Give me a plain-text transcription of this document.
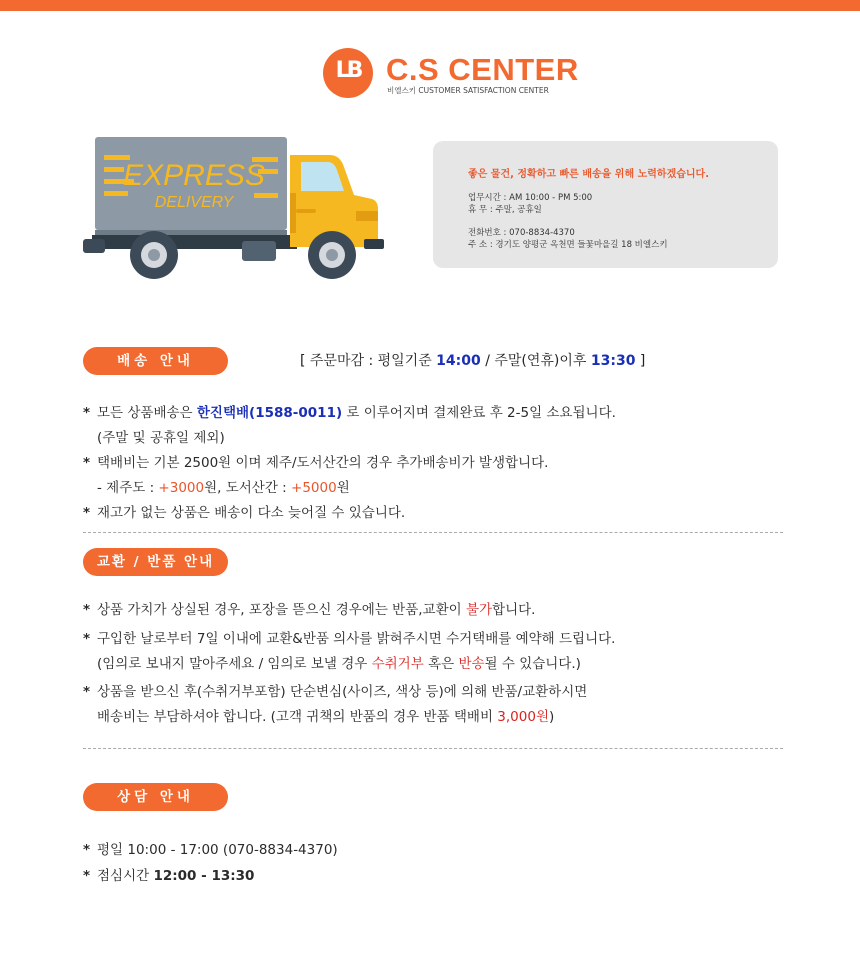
LB C.S CENTER
비엘스키 CUSTOMER SATISFACTION CENTER
EXPRESS
DELIVERY
좋은 물건, 정확하고 빠른 배송을 위해 노력하겠습니다.
업무시간 : AM 10:00 - PM 5:00
휴 무 : 주말, 공휴일
전화번호 : 070-8834-4370
주 소 : 경기도 양평군 옥천면 들꽃마을길 18 비엘스키
배송 안내	[ 주문마감 : 평일기준 14:00 / 주말(연휴)이후 13:30 ]
* 모든 상품배송은 한진택배(1588-0011) 로 이루어지며 결제완료 후 2-5일 소요됩니다.
(주말 및 공휴일 제외)
* 택배비는 기본 2500원 이며 제주/도서산간의 경우 추가배송비가 발생합니다.
- 제주도 : +3000원, 도서산간 : +5000원
* 재고가 없는 상품은 배송이 다소 늦어질 수 있습니다.
교환 / 반품 안내
* 상품 가치가 상실된 경우, 포장을 뜯으신 경우에는 반품,교환이 불가합니다.
* 구입한 날로부터 7일 이내에 교환&반품 의사를 밝혀주시면 수거택배를 예약해 드립니다.
(임의로 보내지 말아주세요 / 임의로 보낼 경우 수취거부 혹은 반송될 수 있습니다.)
* 상품을 받으신 후(수취거부포함) 단순변심(사이즈, 색상 등)에 의해 반품/교환하시면
배송비는 부담하셔야 합니다. (고객 귀책의 반품의 경우 반품 택배비 3,000원)
상담 안내
* 평일 10:00 - 17:00 (070-8834-4370)
* 점심시간 12:00 - 13:30
